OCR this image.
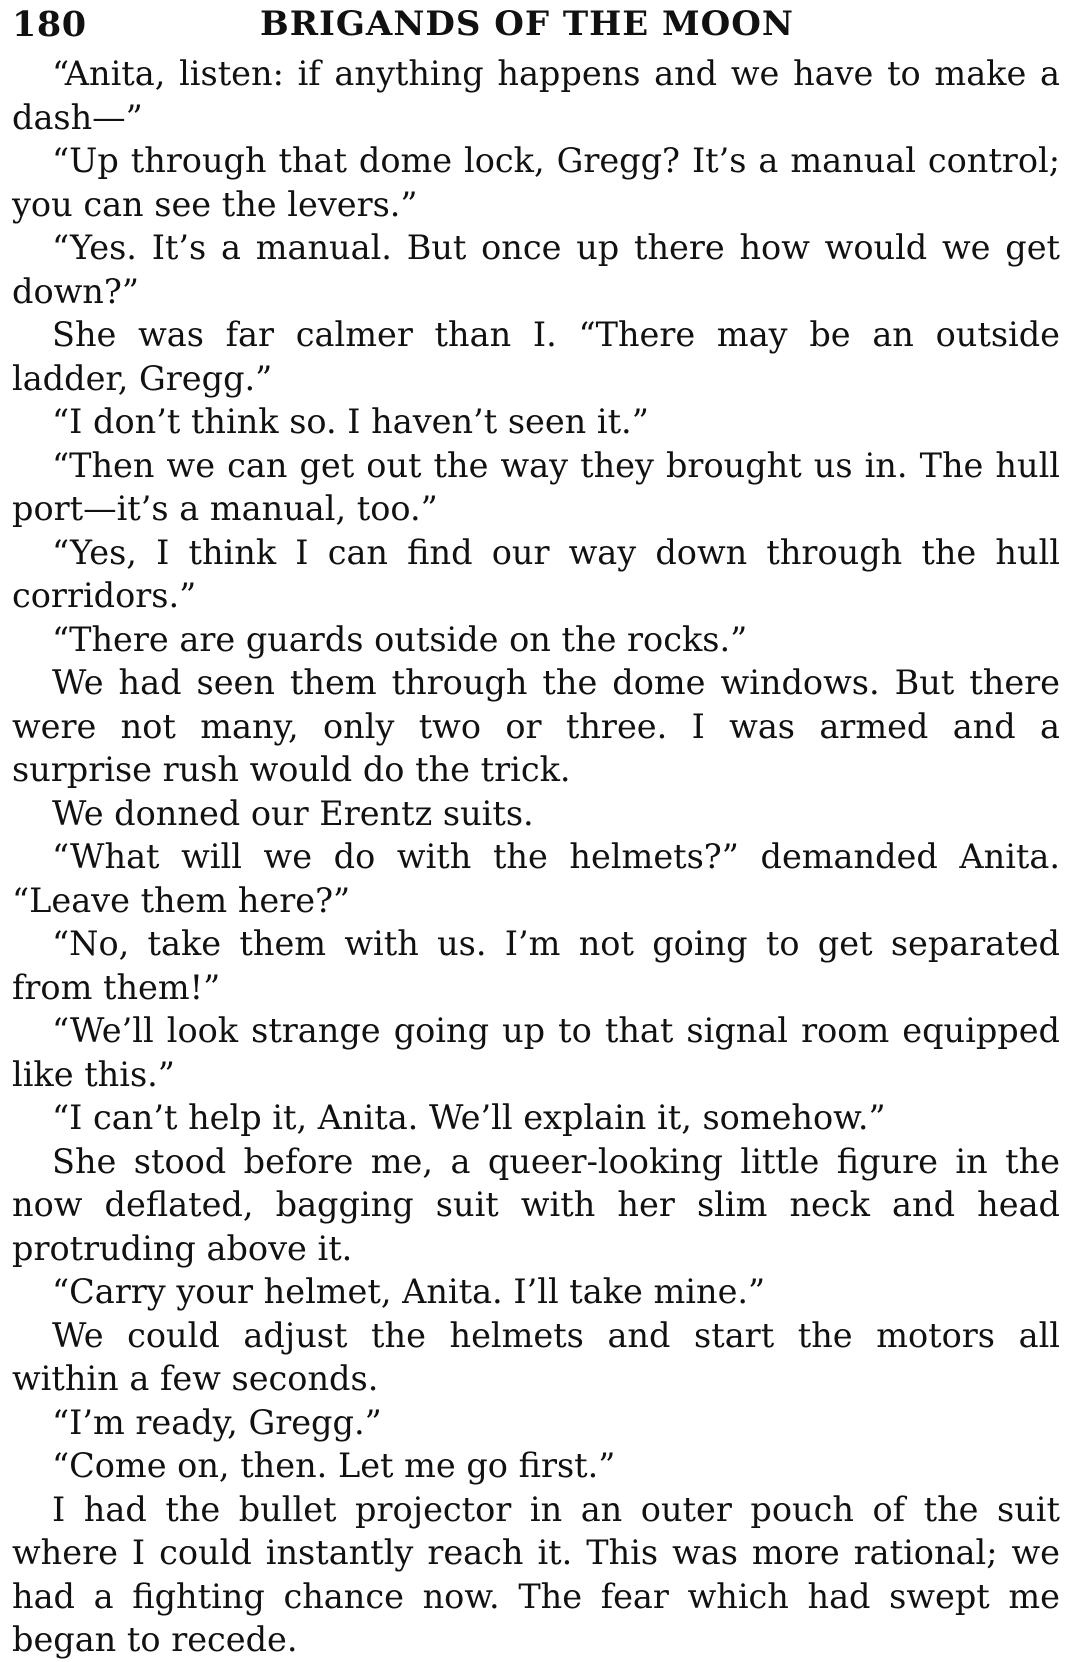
180	BRIGANDS OF THE MOON

“Anita, listen: if anything happens and we have to make a dash—”

“Up through that dome lock, Gregg? It’s a manual control; you can see the levers.”

“Yes. It’s a manual. But once up there how would we get down?”

She was far calmer than I. “There may be an outside ladder, Gregg.”

“I don’t think so. I haven’t seen it.”

“Then we can get out the way they brought us in. The hull port—it’s a manual, too.”

“Yes, I think I can find our way down through the hull corridors.”

“There are guards outside on the rocks.”

We had seen them through the dome windows. But there were not many, only two or three. I was armed and a surprise rush would do the trick.

We donned our Erentz suits.

“What will we do with the helmets?” demanded Anita. “Leave them here?”

“No, take them with us. I’m not going to get separated from them!”

“We’ll look strange going up to that signal room equipped like this.”

“I can’t help it, Anita. We’ll explain it, somehow.”

She stood before me, a queer-looking little figure in the now deflated, bagging suit with her slim neck and head protruding above it.

“Carry your helmet, Anita. I’ll take mine.”

We could adjust the helmets and start the motors all within a few seconds.

“I’m ready, Gregg.”

“Come on, then. Let me go first.”

I had the bullet projector in an outer pouch of the suit where I could instantly reach it. This was more rational; we had a fighting chance now. The fear which had swept me began to recede.
